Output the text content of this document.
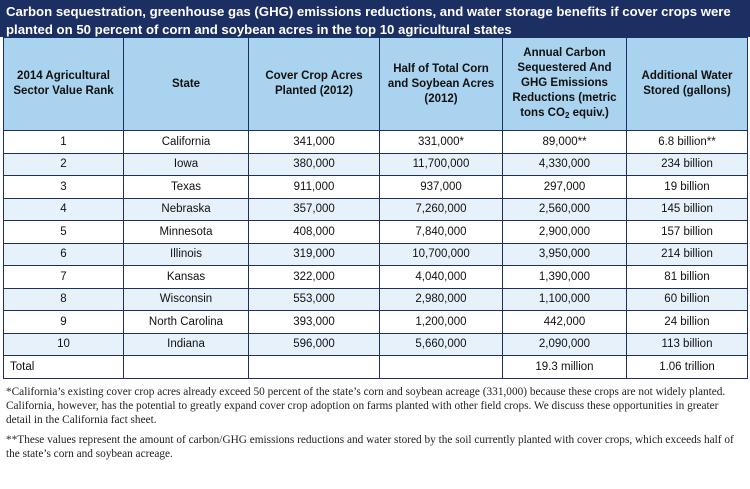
Carbon sequestration, greenhouse gas (GHG) emissions reductions, and water storage benefits if cover crops were planted on 50 percent of corn and soybean acres in the top 10 agricultural states
2014 Agricultural Sector Value Rank	State	Cover Crop Acres Planted (2012)	Half of Total Corn and Soybean Acres (2012)	Annual Carbon Sequestered And GHG Emissions Reductions (metric tons $CO_2$ equiv.)	Additional Water Stored (gallons)
1	California	341,000	331,000*	89,000**	6.8 billion**
2	Iowa	380,000	11,700,000	4,330,000	234 billion
3	Texas	911,000	937,000	297,000	19 billion
4	Nebraska	357,000	7,260,000	2,560,000	145 billion
5	Minnesota	408,000	7,840,000	2,900,000	157 billion
6	Illinois	319,000	10,700,000	3,950,000	214 billion
7	Kansas	322,000	4,040,000	1,390,000	81 billion
8	Wisconsin	553,000	2,980,000	1,100,000	60 billion
9	North Carolina	393,000	1,200,000	442,000	24 billion
10	Indiana	596,000	5,660,000	2,090,000	113 billion
Total				19.3 million	1.06 trillion

*California’s existing cover crop acres already exceed 50 percent of the state’s corn and soybean acreage (331,000) because these crops are not widely planted. California, however, has the potential to greatly expand cover crop adoption on farms planted with other field crops. We discuss these opportunities in greater detail in the California fact sheet.

**These values represent the amount of carbon/GHG emissions reductions and water stored by the soil currently planted with cover crops, which exceeds half of the state’s corn and soybean acreage.
